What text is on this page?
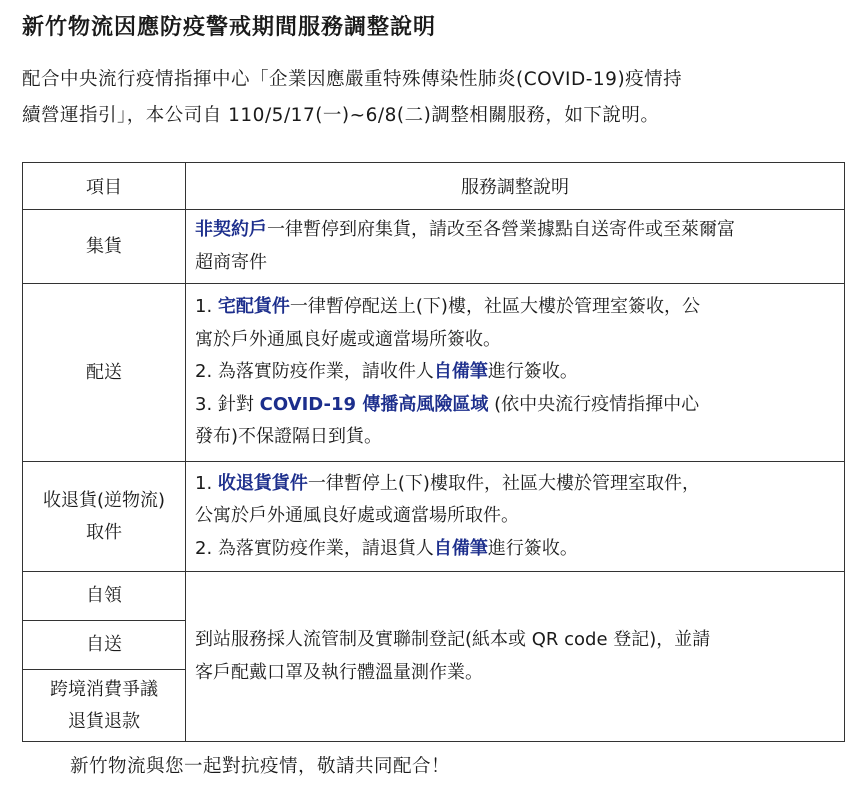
新竹物流因應防疫警戒期間服務調整說明

配合中央流行疫情指揮中心「企業因應嚴重特殊傳染性肺炎(COVID-19)疫情持

續營運指引」，本公司自 110/5/17(一)~6/8(二)調整相關服務，如下說明。

項目	服務調整說明
集貨	非契約戶一律暫停到府集貨，請改至各營業據點自送寄件或至萊爾富
超商寄件
配送	1. 宅配貨件一律暫停配送上(下)樓，社區大樓於管理室簽收，公
寓於戶外通風良好處或適當場所簽收。
2. 為落實防疫作業，請收件人自備筆進行簽收。
3. 針對 COVID-19 傳播高風險區域 (依中央流行疫情指揮中心
發布)不保證隔日到貨。
收退貨(逆物流)
取件	1. 收退貨貨件一律暫停上(下)樓取件，社區大樓於管理室取件，
公寓於戶外通風良好處或適當場所取件。
2. 為落實防疫作業，請退貨人自備筆進行簽收。
自領	到站服務採人流管制及實聯制登記(紙本或 QR code 登記)，並請
客戶配戴口罩及執行體溫量測作業。
自送	
跨境消費爭議
退貨退款	
新竹物流與您一起對抗疫情，敬請共同配合！
